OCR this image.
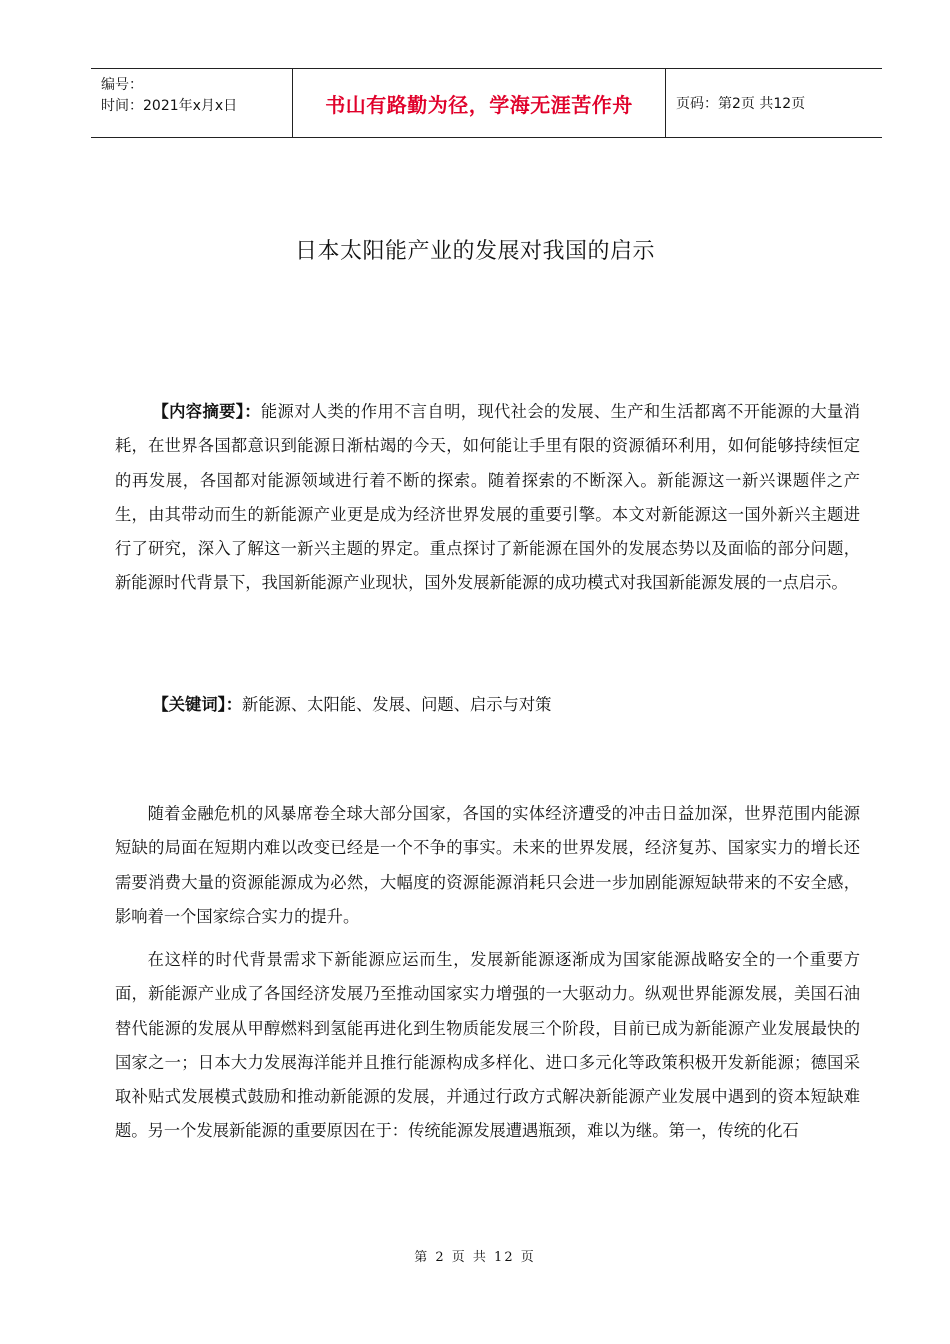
编号：
时间：2021年x月x日	书山有路勤为径，学海无涯苦作舟	页码：第2页 共12页
日本太阳能产业的发展对我国的启示

【内容摘要】：能源对人类的作用不言自明，现代社会的发展、生产和生活都离不开能源的大量消耗，在世界各国都意识到能源日渐枯竭的今天，如何能让手里有限的资源循环利用，如何能够持续恒定的再发展，各国都对能源领域进行着不断的探索。随着探索的不断深入。新能源这一新兴课题伴之产生，由其带动而生的新能源产业更是成为经济世界发展的重要引擎。本文对新能源这一国外新兴主题进行了研究，深入了解这一新兴主题的界定。重点探讨了新能源在国外的发展态势以及面临的部分问题，新能源时代背景下，我国新能源产业现状，国外发展新能源的成功模式对我国新能源发展的一点启示。

【关键词】：新能源、太阳能、发展、问题、启示与对策

随着金融危机的风暴席卷全球大部分国家，各国的实体经济遭受的冲击日益加深，世界范围内能源短缺的局面在短期内难以改变已经是一个不争的事实。未来的世界发展，经济复苏、国家实力的增长还需要消费大量的资源能源成为必然，大幅度的资源能源消耗只会进一步加剧能源短缺带来的不安全感，影响着一个国家综合实力的提升。

在这样的时代背景需求下新能源应运而生，发展新能源逐渐成为国家能源战略安全的一个重要方面，新能源产业成了各国经济发展乃至推动国家实力增强的一大驱动力。纵观世界能源发展，美国石油替代能源的发展从甲醇燃料到氢能再进化到生物质能发展三个阶段，目前已成为新能源产业发展最快的国家之一；日本大力发展海洋能并且推行能源构成多样化、进口多元化等政策积极开发新能源；德国采取补贴式发展模式鼓励和推动新能源的发展，并通过行政方式解决新能源产业发展中遇到的资本短缺难题。另一个发展新能源的重要原因在于：传统能源发展遭遇瓶颈，难以为继。第一，传统的化石

第 2 页 共 12 页
